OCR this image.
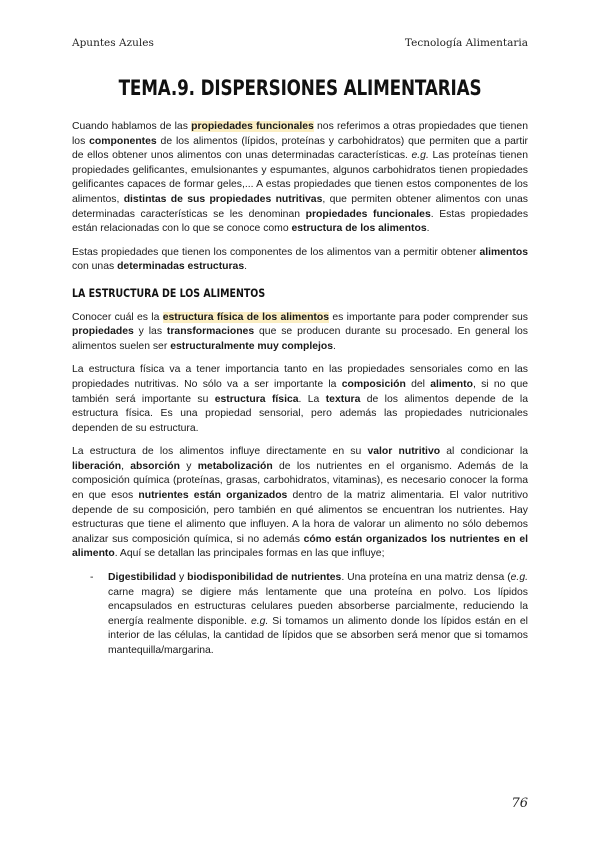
Apuntes Azules	Tecnología Alimentaria
TEMA.9. DISPERSIONES ALIMENTARIAS

Cuando hablamos de las propiedades funcionales nos referimos a otras propiedades que tienen los componentes de los alimentos (lípidos, proteínas y carbohidratos) que permiten que a partir de ellos obtener unos alimentos con unas determinadas características. e.g. Las proteínas tienen propiedades gelificantes, emulsionantes y espumantes, algunos carbohidratos tienen propiedades gelificantes capaces de formar geles,... A estas propiedades que tienen estos componentes de los alimentos, distintas de sus propiedades nutritivas, que permiten obtener alimentos con unas determinadas características se les denominan propiedades funcionales. Estas propiedades están relacionadas con lo que se conoce como estructura de los alimentos.

Estas propiedades que tienen los componentes de los alimentos van a permitir obtener alimentos con unas determinadas estructuras.

LA ESTRUCTURA DE LOS ALIMENTOS

Conocer cuál es la estructura física de los alimentos es importante para poder comprender sus propiedades y las transformaciones que se producen durante su procesado. En general los alimentos suelen ser estructuralmente muy complejos.

La estructura física va a tener importancia tanto en las propiedades sensoriales como en las propiedades nutritivas. No sólo va a ser importante la composición del alimento, si no que también será importante su estructura física. La textura de los alimentos depende de la estructura física. Es una propiedad sensorial, pero además las propiedades nutricionales dependen de su estructura.

La estructura de los alimentos influye directamente en su valor nutritivo al condicionar la liberación, absorción y metabolización de los nutrientes en el organismo. Además de la composición química (proteínas, grasas, carbohidratos, vitaminas), es necesario conocer la forma en que esos nutrientes están organizados dentro de la matriz alimentaria. El valor nutritivo depende de su composición, pero también en qué alimentos se encuentran los nutrientes. Hay estructuras que tiene el alimento que influyen. A la hora de valorar un alimento no sólo debemos analizar sus composición química, si no además cómo están organizados los nutrientes en el alimento. Aquí se detallan las principales formas en las que influye;

- Digestibilidad y biodisponibilidad de nutrientes. Una proteína en una matriz densa (e.g. carne magra) se digiere más lentamente que una proteína en polvo. Los lípidos encapsulados en estructuras celulares pueden absorberse parcialmente, reduciendo la energía realmente disponible. e.g. Si tomamos un alimento donde los lípidos están en el interior de las células, la cantidad de lípidos que se absorben será menor que si tomamos mantequilla/margarina.
76
